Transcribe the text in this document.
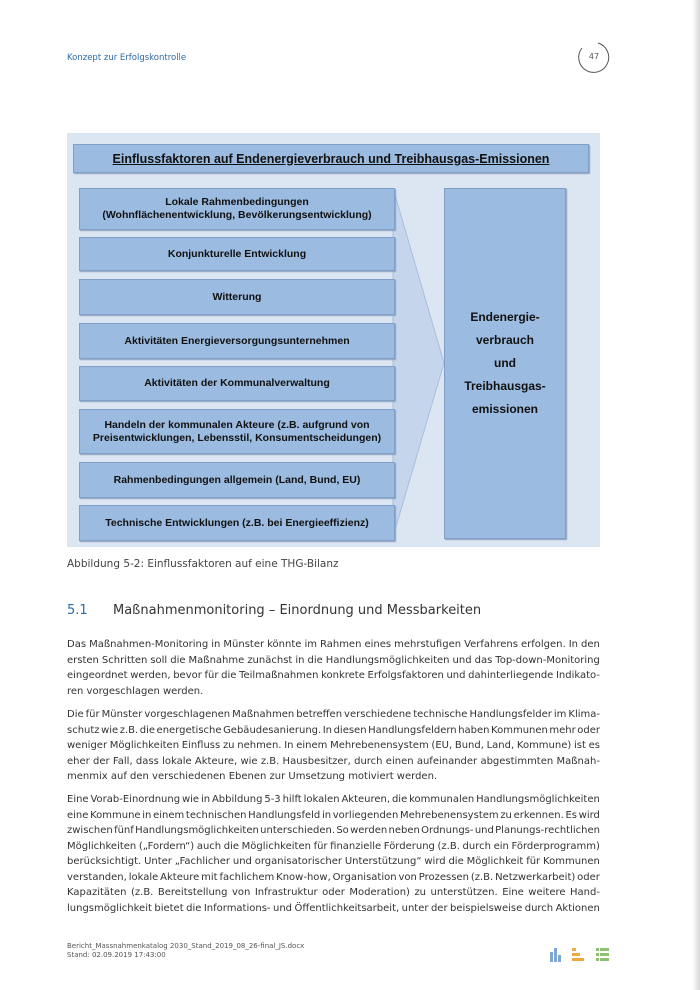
Konzept zur Erfolgskontrolle	47
Einflussfaktoren auf Endenergieverbrauch und Treibhausgas-Emissionen
Lokale Rahmenbedingungen
(Wohnflächenentwicklung, Bevölkerungsentwicklung)
Konjunkturelle Entwicklung
Witterung
Aktivitäten Energieversorgungsunternehmen
Aktivitäten der Kommunalverwaltung
Handeln der kommunalen Akteure (z.B. aufgrund von
Preisentwicklungen, Lebensstil, Konsumentscheidungen)
Rahmenbedingungen allgemein (Land, Bund, EU)
Technische Entwicklungen (z.B. bei Energieeffizienz)
Endenergie-
verbrauch
und
Treibhausgas-
emissionen
Abbildung 5-2: Einflussfaktoren auf eine THG-Bilanz
5.1 Maßnahmenmonitoring – Einordnung und Messbarkeiten
Das Maßnahmen-Monitoring in Münster könnte im Rahmen eines mehrstufigen Verfahrens erfolgen. In den
ersten Schritten soll die Maßnahme zunächst in die Handlungsmöglichkeiten und das Top-down-Monitoring
eingeordnet werden, bevor für die Teilmaßnahmen konkrete Erfolgsfaktoren und dahinterliegende Indikato-
ren vorgeschlagen werden.
Die für Münster vorgeschlagenen Maßnahmen betreffen verschiedene technische Handlungsfelder im Klima-
schutz wie z.B. die energetische Gebäudesanierung. In diesen Handlungsfeldern haben Kommunen mehr oder
weniger Möglichkeiten Einfluss zu nehmen. In einem Mehrebenensystem (EU, Bund, Land, Kommune) ist es
eher der Fall, dass lokale Akteure, wie z.B. Hausbesitzer, durch einen aufeinander abgestimmten Maßnah-
menmix auf den verschiedenen Ebenen zur Umsetzung motiviert werden.
Eine Vorab-Einordnung wie in Abbildung 5-3 hilft lokalen Akteuren, die kommunalen Handlungsmöglichkeiten
eine Kommune in einem technischen Handlungsfeld in vorliegenden Mehrebenensystem zu erkennen. Es wird
zwischen fünf Handlungsmöglichkeiten unterschieden. So werden neben Ordnungs- und Planungs-rechtlichen
Möglichkeiten („Fordern“) auch die Möglichkeiten für finanzielle Förderung (z.B. durch ein Förderprogramm)
berücksichtigt. Unter „Fachlicher und organisatorischer Unterstützung“ wird die Möglichkeit für Kommunen
verstanden, lokale Akteure mit fachlichem Know-how, Organisation von Prozessen (z.B. Netzwerkarbeit) oder
Kapazitäten (z.B. Bereitstellung von Infrastruktur oder Moderation) zu unterstützen. Eine weitere Hand-
lungsmöglichkeit bietet die Informations- und Öffentlichkeitsarbeit, unter der beispielsweise durch Aktionen
Bericht_Massnahmenkatalog 2030_Stand_2019_08_26-final_JS.docx
Stand: 02.09.2019 17:43:00
